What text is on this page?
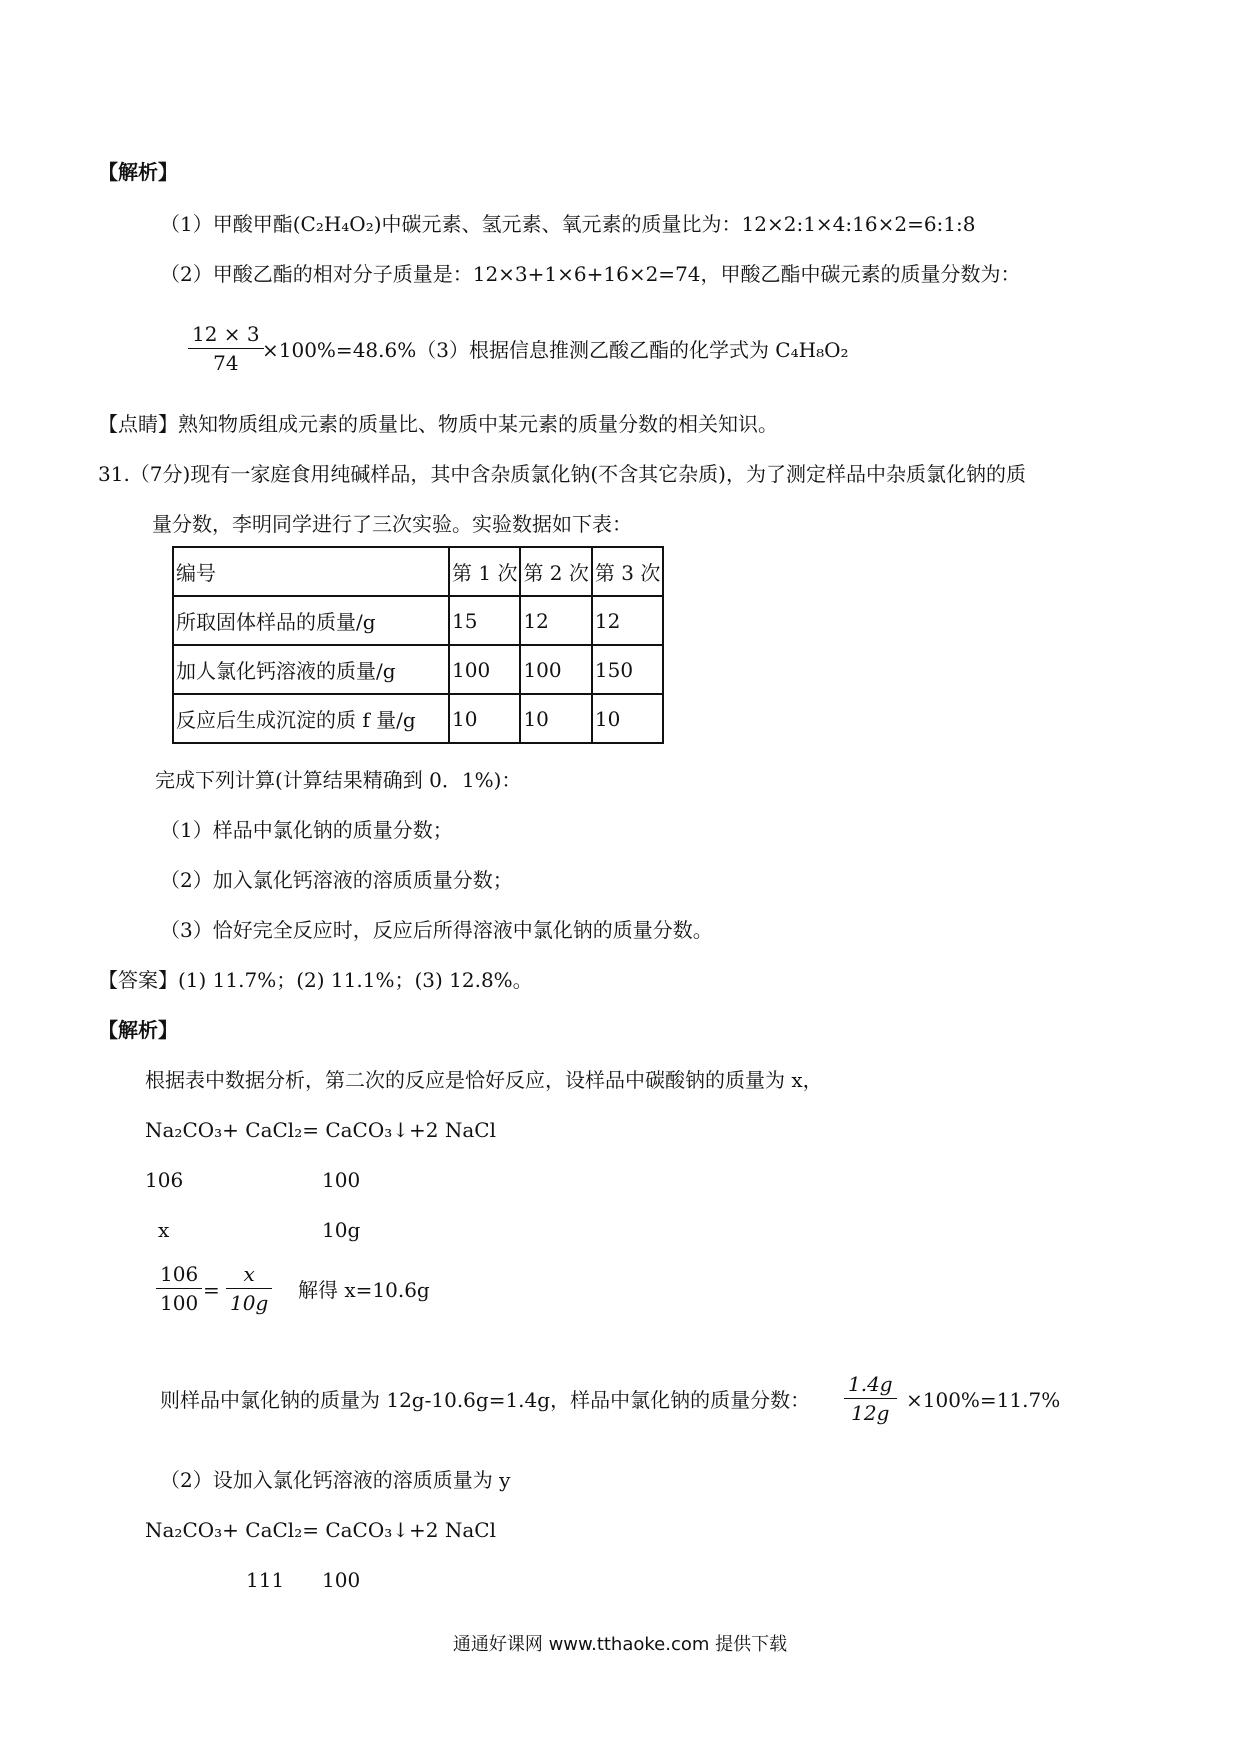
【解析】
（1）甲酸甲酯(C₂H₄O₂)中碳元素、氢元素、氧元素的质量比为：12×2:1×4:16×2=6:1:8
（2）甲酸乙酯的相对分子质量是：12×3+1×6+16×2=74，甲酸乙酯中碳元素的质量分数为：
$\frac{12 \times 3}{74}$
×100%=48.6%（3）根据信息推测乙酸乙酯的化学式为 C₄H₈O₂
【点睛】熟知物质组成元素的质量比、物质中某元素的质量分数的相关知识。
31.（7分)现有一家庭食用纯碱样品，其中含杂质氯化钠(不含其它杂质)，为了测定样品中杂质氯化钠的质
量分数，李明同学进行了三次实验。实验数据如下表：
编号	第 1 次	第 2 次	第 3 次
所取固体样品的质量/g	15	12	12
加人氯化钙溶液的质量/g	100	100	150
反应后生成沉淀的质 f 量/g	10	10	10
完成下列计算(计算结果精确到 0．1%)：
（1）样品中氯化钠的质量分数；
（2）加入氯化钙溶液的溶质质量分数；
（3）恰好完全反应时，反应后所得溶液中氯化钠的质量分数。
【答案】(1) 11.7%；(2) 11.1%；(3) 12.8%。
【解析】
根据表中数据分析，第二次的反应是恰好反应，设样品中碳酸钠的质量为 x，
Na₂CO₃+ CaCl₂= CaCO₃↓+2 NaCl
106	100
x	10g
$\frac{106}{100} = \frac{x}{10g}$ 解得 x=10.6g
则样品中氯化钠的质量为 12g-10.6g=1.4g，样品中氯化钠的质量分数： $\frac{1.4g}{12g} \times 100\%=11.7\%$
（2）设加入氯化钙溶液的溶质质量为 y
Na₂CO₃+ CaCl₂= CaCO₃↓+2 NaCl
111 100
通通好课网 www.tthaoke.com 提供下载
